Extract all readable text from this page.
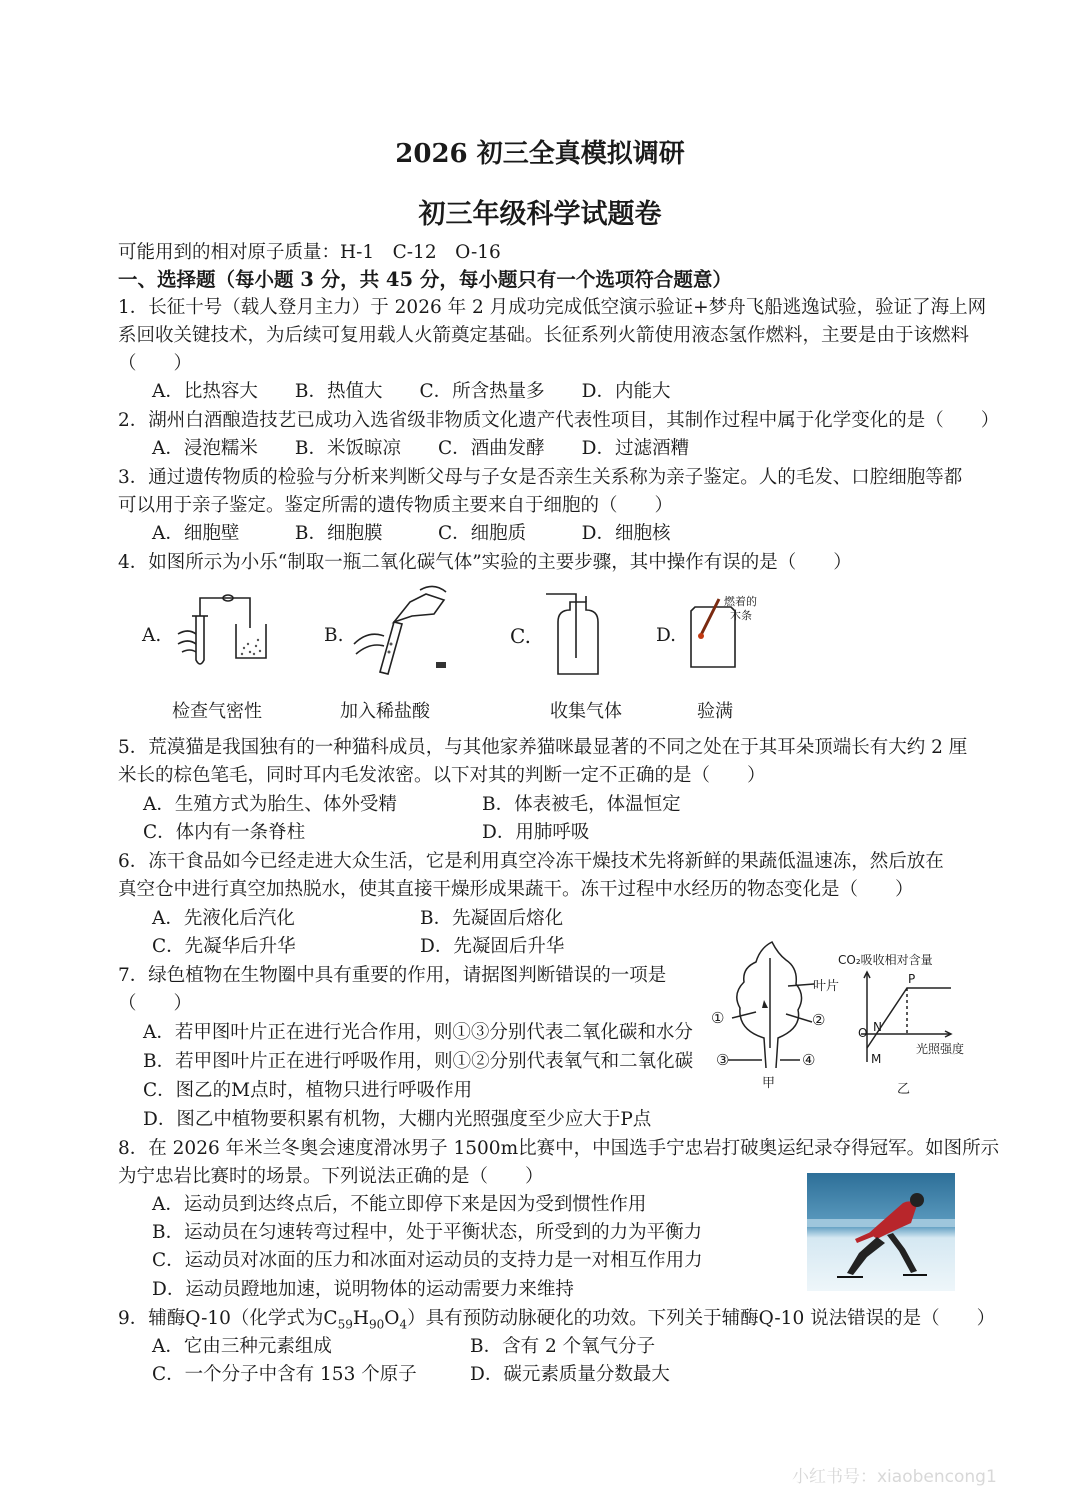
2026 初三全真模拟调研
初三年级科学试题卷
可能用到的相对原子质量：H-1　C-12　O-16
一、选择题（每小题 3 分，共 45 分，每小题只有一个选项符合题意）
1．长征十号（载人登月主力）于 2026 年 2 月成功完成低空演示验证+梦舟飞船逃逸试验，验证了海上网
系回收关键技术，为后续可复用载人火箭奠定基础。长征系列火箭使用液态氢作燃料，主要是由于该燃料
（　　）
A．比热容大　　B．热值大　　C．所含热量多　　D．内能大
2．湖州白酒酿造技艺已成功入选省级非物质文化遗产代表性项目，其制作过程中属于化学变化的是（　　）
A．浸泡糯米　　B．米饭晾凉　　C．酒曲发酵　　D．过滤酒糟
3．通过遗传物质的检验与分析来判断父母与子女是否亲生关系称为亲子鉴定。人的毛发、口腔细胞等都
可以用于亲子鉴定。鉴定所需的遗传物质主要来自于细胞的（　　）
A．细胞壁　　　B．细胞膜　　　C．细胞质　　　D．细胞核
4．如图所示为小乐“制取一瓶二氧化碳气体”实验的主要步骤，其中操作有误的是（　　）
A.	B.	C.	D.
燃着的
木条
检查气密性	加入稀盐酸	收集气体	验满
5．荒漠猫是我国独有的一种猫科成员，与其他家养猫咪最显著的不同之处在于其耳朵顶端长有大约 2 厘
米长的棕色笔毛，同时耳内毛发浓密。以下对其的判断一定不正确的是（　　）
A．生殖方式为胎生、体外受精	B．体表被毛，体温恒定
C．体内有一条脊柱	D．用肺呼吸
6．冻干食品如今已经走进大众生活，它是利用真空冷冻干燥技术先将新鲜的果蔬低温速冻，然后放在
真空仓中进行真空加热脱水，使其直接干燥形成果蔬干。冻干过程中水经历的物态变化是（　　）
A．先液化后汽化	B．先凝固后熔化
C．先凝华后升华	D．先凝固后升华
7．绿色植物在生物圈中具有重要的作用，请据图判断错误的一项是
（　　）
A．若甲图叶片正在进行光合作用，则①③分别代表二氧化碳和水分
B．若甲图叶片正在进行呼吸作用，则①②分别代表氧气和二氧化碳
C．图乙的M点时，植物只进行呼吸作用
D．图乙中植物要积累有机物，大棚内光照强度至少应大于P点
叶片
①	②
③	④
甲
CO₂吸收相对含量
光照强度
O
P
N
M
乙
8．在 2026 年米兰冬奥会速度滑冰男子 1500m比赛中，中国选手宁忠岩打破奥运纪录夺得冠军。如图所示
为宁忠岩比赛时的场景。下列说法正确的是（　　）
A．运动员到达终点后，不能立即停下来是因为受到惯性作用
B．运动员在匀速转弯过程中，处于平衡状态，所受到的力为平衡力
C．运动员对冰面的压力和冰面对运动员的支持力是一对相互作用力
D．运动员蹬地加速，说明物体的运动需要力来维持
9．辅酶Q-10（化学式为$C_{59}H_{90}O_4$）具有预防动脉硬化的功效。下列关于辅酶Q-10 说法错误的是（　　）
A．它由三种元素组成	B．含有 2 个氧气分子
C．一个分子中含有 153 个原子	D．碳元素质量分数最大
小红书号：xiaobencong1
